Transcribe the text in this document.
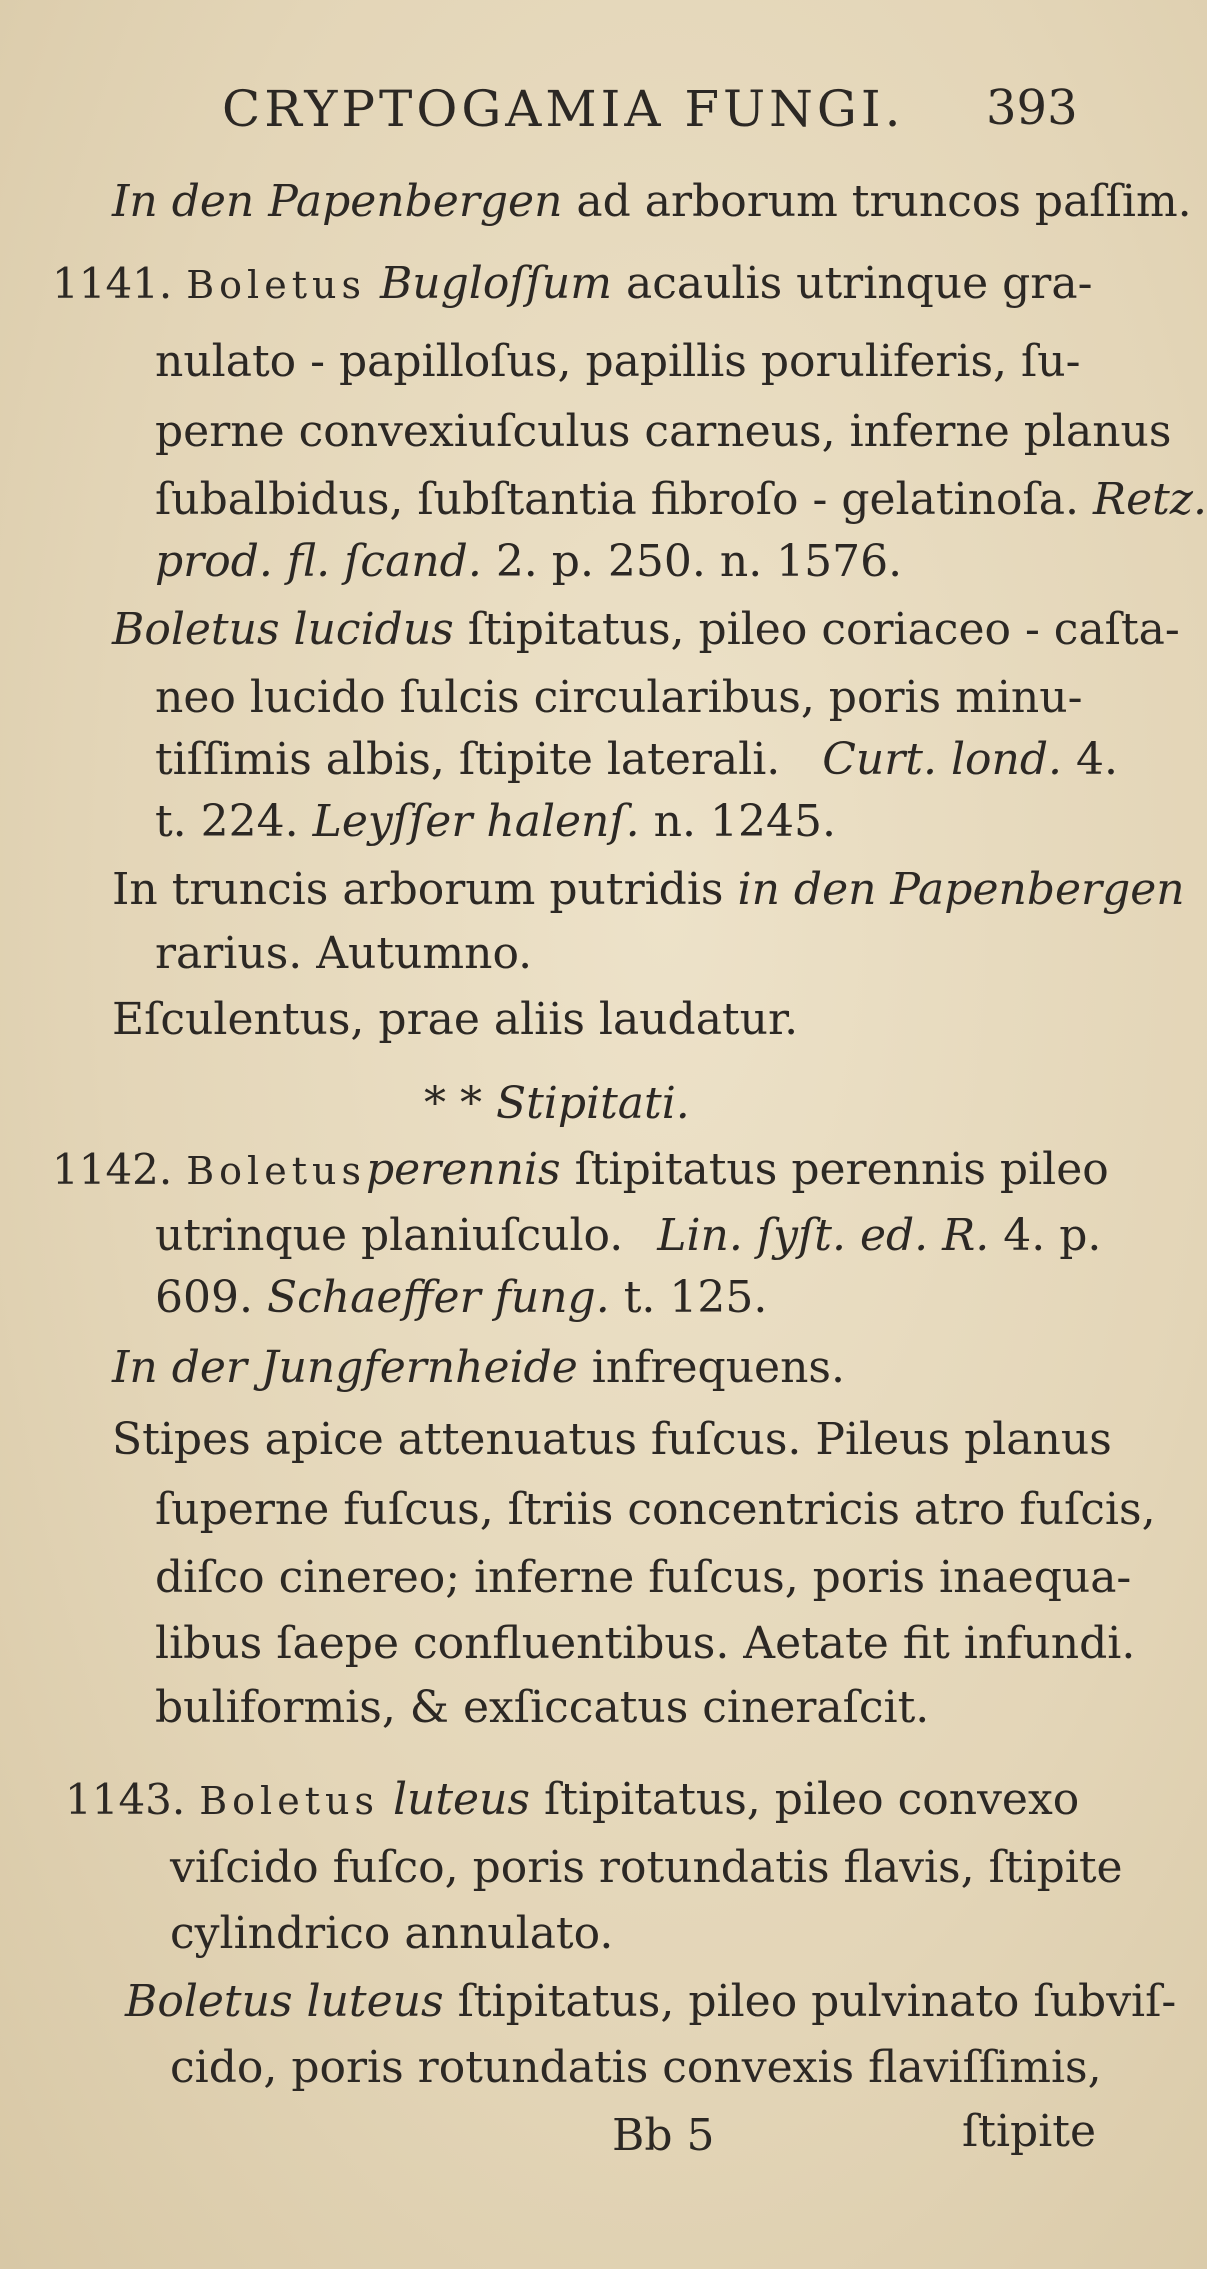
CRYPTOGAMIA FUNGI. 393
In den Papenbergen ad arborum truncos paſſim.
1141. Boletus Bugloſſum acaulis utrinque gra-
nulato - papilloſus, papillis poruliferis, ſu-
perne convexiuſculus carneus, inferne planus
ſubalbidus, ſubſtantia fibroſo - gelatinoſa. Retz.
prod. fl. ſcand. 2. p. 250. n. 1576.
Boletus lucidus ſtipitatus, pileo coriaceo - caſta-
neo lucido ſulcis circularibus, poris minu-
tiſſimis albis, ſtipite laterali. Curt. lond. 4.
t. 224. Leyſſer halenſ. n. 1245.
In truncis arborum putridis in den Papenbergen
rarius. Autumno.
Eſculentus, prae aliis laudatur.
* * Stipitati.
1142. Boletusperennis ſtipitatus perennis pileo
utrinque planiuſculo. Lin. ſyſt. ed. R. 4. p.
609. Schaeffer fung. t. 125.
In der Jungfernheide infrequens.
Stipes apice attenuatus fuſcus. Pileus planus
ſuperne fuſcus, ſtriis concentricis atro fuſcis,
diſco cinereo; inferne fuſcus, poris inaequa-
libus ſaepe confluentibus. Aetate fit infundi.
buliformis, & exſiccatus cineraſcit.
1143. Boletus luteus ſtipitatus, pileo convexo
viſcido fuſco, poris rotundatis flavis, ſtipite
cylindrico annulato.
Boletus luteus ſtipitatus, pileo pulvinato ſubviſ-
cido, poris rotundatis convexis flaviſſimis,
Bb 5	ſtipite
